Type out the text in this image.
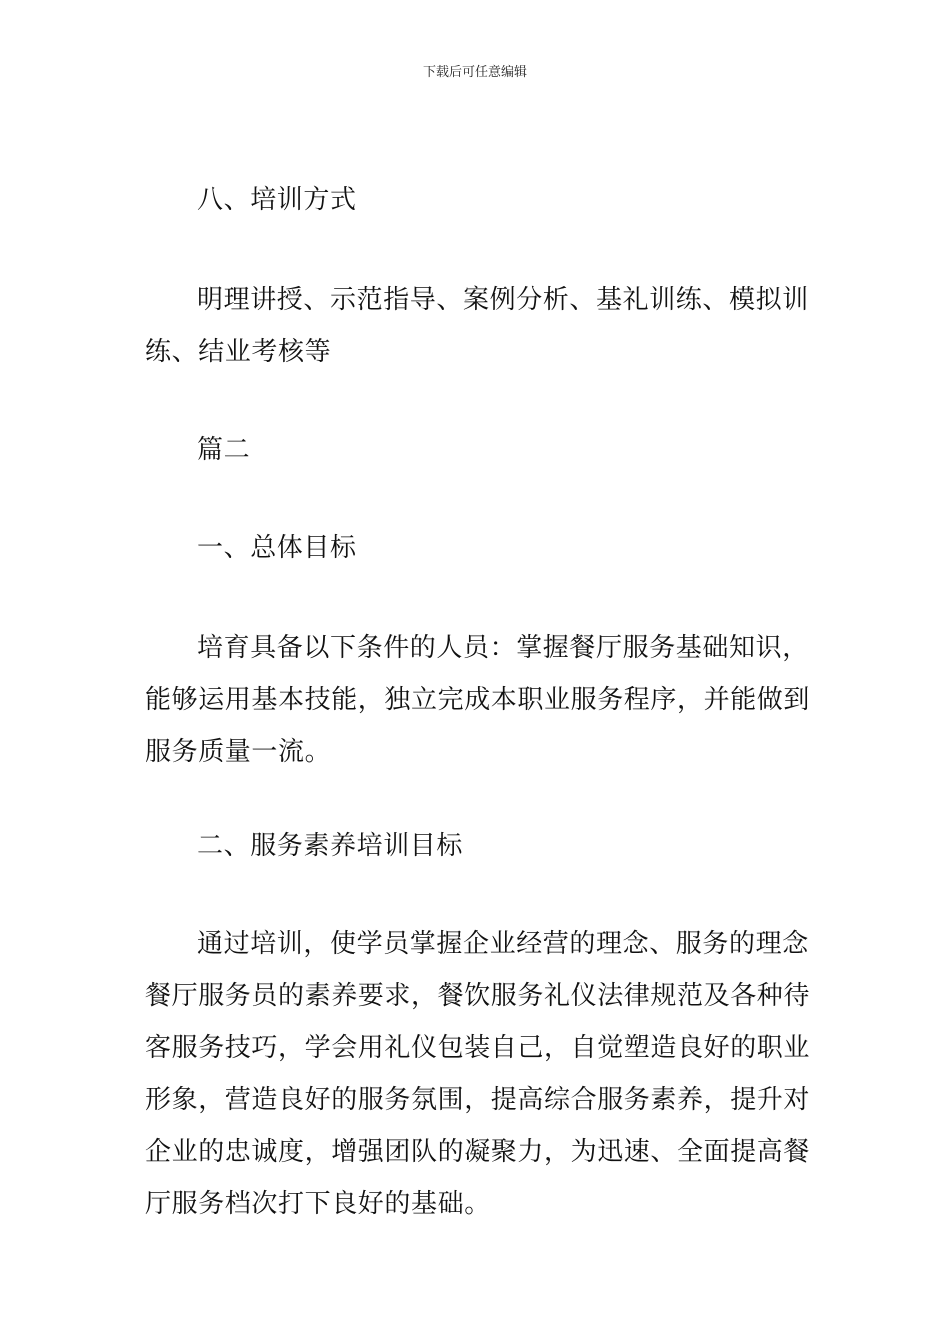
下载后可任意编辑

八、培训方式

明理讲授、示范指导、案例分析、基礼训练、模拟训练、结业考核等

篇二

一、总体目标

培育具备以下条件的人员：掌握餐厅服务基础知识，能够运用基本技能，独立完成本职业服务程序，并能做到服务质量一流。

二、服务素养培训目标

通过培训，使学员掌握企业经营的理念、服务的理念餐厅服务员的素养要求，餐饮服务礼仪法律规范及各种待客服务技巧，学会用礼仪包装自己，自觉塑造良好的职业形象，营造良好的服务氛围，提高综合服务素养，提升对企业的忠诚度，增强团队的凝聚力，为迅速、全面提高餐厅服务档次打下良好的基础。
